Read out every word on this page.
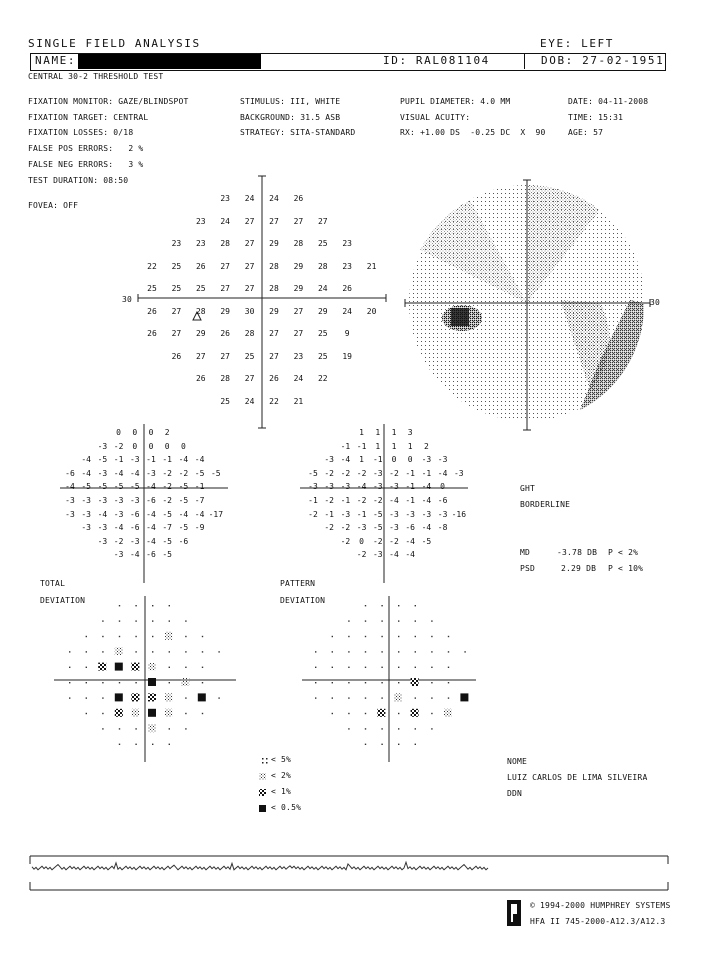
SINGLE FIELD ANALYSIS	EYE: LEFT
NAME:	ID: RAL081104	DOB: 27-02-1951
CENTRAL 30-2 THRESHOLD TEST
FIXATION MONITOR: GAZE/BLINDSPOT
FIXATION TARGET: CENTRAL
FIXATION LOSSES: 0/18
FALSE POS ERRORS:   2 %
FALSE NEG ERRORS:   3 %
TEST DURATION: 08:50
FOVEA: OFF
STIMULUS: III, WHITE
BACKGROUND: 31.5 ASB
STRATEGY: SITA-STANDARD
PUPIL DIAMETER: 4.0 MM
VISUAL ACUITY:
RX: +1.00 DS  -0.25 DC  X  90
DATE: 04-11-2008
TIME: 15:31
AGE: 57
23	24	24	26
23	24	27	27	27	27
23	23	28	27	29	28	25	23
22	25	26	27	27	28	29	28	23	21
25	25	25	27	27	28	29	24	26
26	27	28	29	30	29	27	29	24	20
26	27	29	26	28	27	27	25	9
26	27	27	25	27	23	25	19
26	28	27	26	24	22
25	24	22	21
30	30
0	0	0	2
-3 -2	0	0	0	0
-4 -5 -1 -3 -1 -1 -4 -4
-6 -4 -3 -4 -4 -3 -2 -2 -5 -5
-4 -5 -5 -5 -5 -4 -2 -5 -1
-3 -3 -3 -3 -3 -6 -2 -5 -7
-3 -3 -4 -3 -6 -4 -5 -4 -4 -17
-3 -3 -4 -6 -4 -7 -5 -9
-3 -2 -3 -4 -5 -6
-3 -4 -6 -5
1	1	1	3
-1 -1	1	1	1	2
-3 -4	1	-1	0	0	-3 -3
-5 -2 -2 -2 -3 -2 -1 -1 -4 -3
-3 -3 -3 -4 -3 -3 -1 -4	0
-1 -2 -1 -2 -2 -4 -1 -4 -6
-2 -1 -3 -1 -5 -3 -3 -3 -3 -16
-2 -2 -3 -5 -3 -6 -4 -8
-2	0	-2 -2 -4 -5
-2 -3 -4 -4
TOTAL
DEVIATION
PATTERN
DEVIATION
GHT
BORDERLINE
MD	-3.78 DB P < 2%
PSD	2.29 DB P < 10%
< 5%
< 2%
< 1%
< 0.5%
NOME
LUIZ CARLOS DE LIMA SILVEIRA
DDN
© 1994-2000 HUMPHREY SYSTEMS
HFA II 745-2000-A12.3/A12.3
